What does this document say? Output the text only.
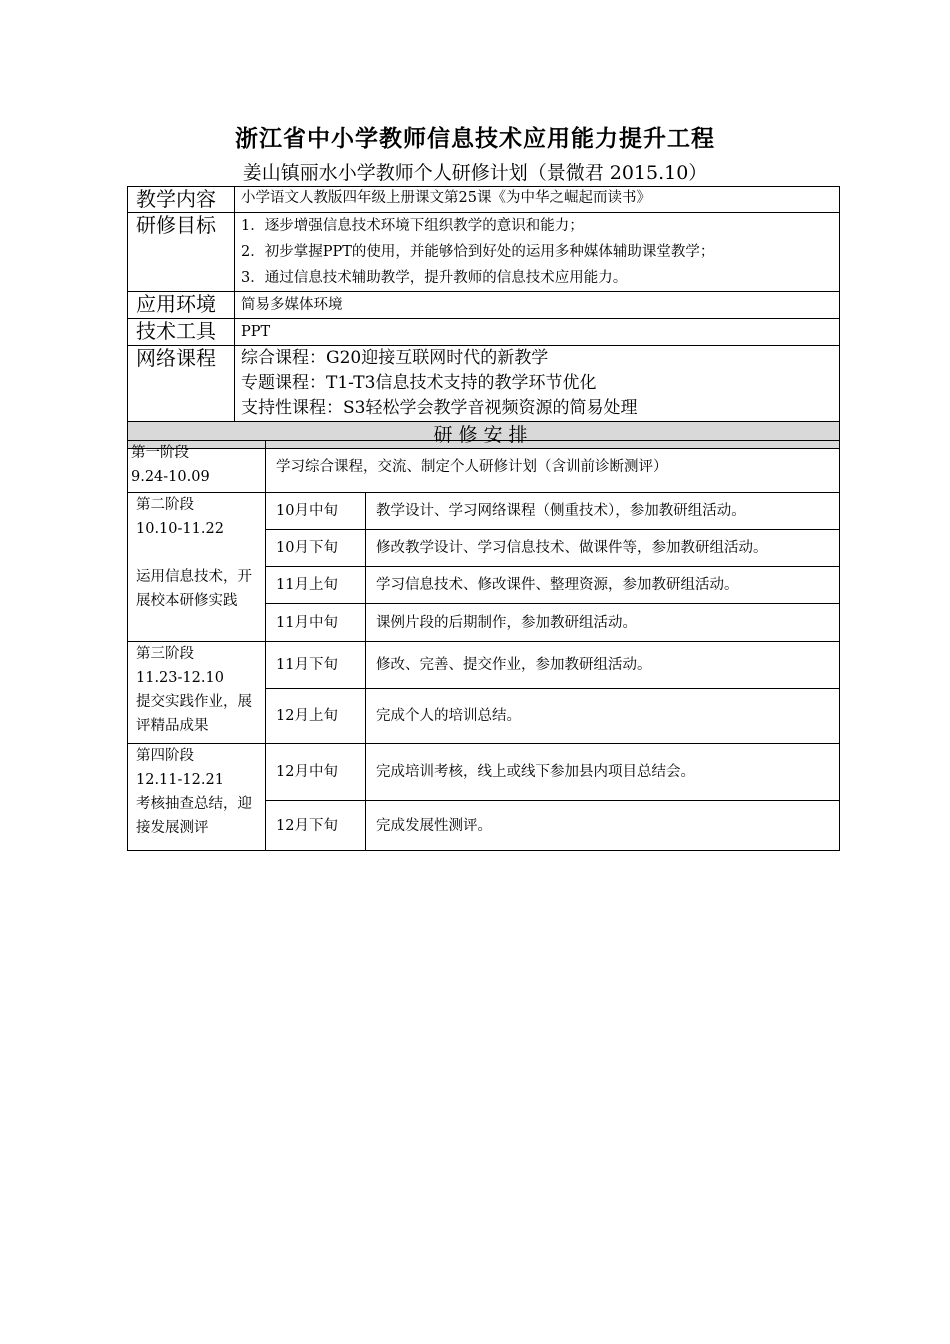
浙江省中小学教师信息技术应用能力提升工程
姜山镇丽水小学教师个人研修计划（景微君 2015.10）
教学内容	小学语文人教版四年级上册课文第25课《为中华之崛起而读书》
研修目标	1．逐步增强信息技术环境下组织教学的意识和能力；
2．初步掌握PPT的使用，并能够恰到好处的运用多种媒体辅助课堂教学；
3．通过信息技术辅助教学，提升教师的信息技术应用能力。

应用环境	简易多媒体环境
技术工具	PPT
网络课程	综合课程：G20迎接互联网时代的新教学
专题课程：T1-T3信息技术支持的教学环节优化
支持性课程：S3轻松学会教学音视频资源的简易处理

研修安排	
第一阶段
9.24-10.09	学习综合课程，交流、制定个人研修计划（含训前诊断测评）	

第二阶段
10.10-11.22
运用信息技术，开展校本研修实践	10月中旬	教学设计、学习网络课程（侧重技术），参加教研组活动。
	10月下旬	修改教学设计、学习信息技术、做课件等，参加教研组活动。
	11月上旬	学习信息技术、修改课件、整理资源，参加教研组活动。
	11月中旬	课例片段的后期制作，参加教研组活动。

第三阶段
11.23-12.10
提交实践作业，展评精品成果	11月下旬	修改、完善、提交作业，参加教研组活动。
	12月上旬	完成个人的培训总结。

第四阶段
12.11-12.21
考核抽查总结，迎接发展测评	12月中旬	完成培训考核，线上或线下参加县内项目总结会。
	12月下旬	完成发展性测评。
